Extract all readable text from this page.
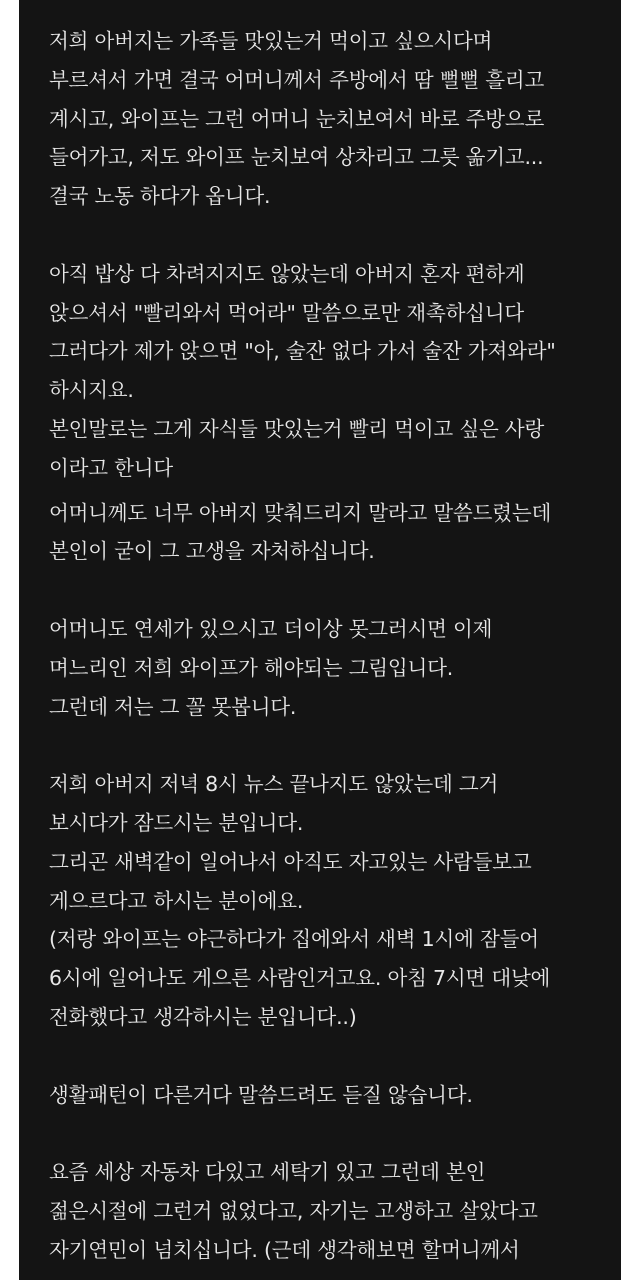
저희 아버지는 가족들 맛있는거 먹이고 싶으시다며
부르셔서 가면 결국 어머니께서 주방에서 땀 뻘뻘 흘리고
계시고, 와이프는 그런 어머니 눈치보여서 바로 주방으로
들어가고, 저도 와이프 눈치보여 상차리고 그릇 옮기고...
결국 노동 하다가 옵니다.
아직 밥상 다 차려지지도 않았는데 아버지 혼자 편하게
앉으셔서 "빨리와서 먹어라" 말씀으로만 재촉하십니다
그러다가 제가 앉으면 "아, 술잔 없다 가서 술잔 가져와라"
하시지요.
본인말로는 그게 자식들 맛있는거 빨리 먹이고 싶은 사랑
이라고 한니다
어머니께도 너무 아버지 맞춰드리지 말라고 말씀드렸는데
본인이 굳이 그 고생을 자처하십니다.
어머니도 연세가 있으시고 더이상 못그러시면 이제
며느리인 저희 와이프가 해야되는 그림입니다.
그런데 저는 그 꼴 못봅니다.
저희 아버지 저녁 8시 뉴스 끝나지도 않았는데 그거
보시다가 잠드시는 분입니다.
그리곤 새벽같이 일어나서 아직도 자고있는 사람들보고
게으르다고 하시는 분이에요.
(저랑 와이프는 야근하다가 집에와서 새벽 1시에 잠들어
6시에 일어나도 게으른 사람인거고요. 아침 7시면 대낮에
전화했다고 생각하시는 분입니다..)
생활패턴이 다른거다 말씀드려도 듣질 않습니다.
요즘 세상 자동차 다있고 세탁기 있고 그런데 본인
젊은시절에 그런거 없었다고, 자기는 고생하고 살았다고
자기연민이 넘치십니다. (근데 생각해보면 할머니께서
